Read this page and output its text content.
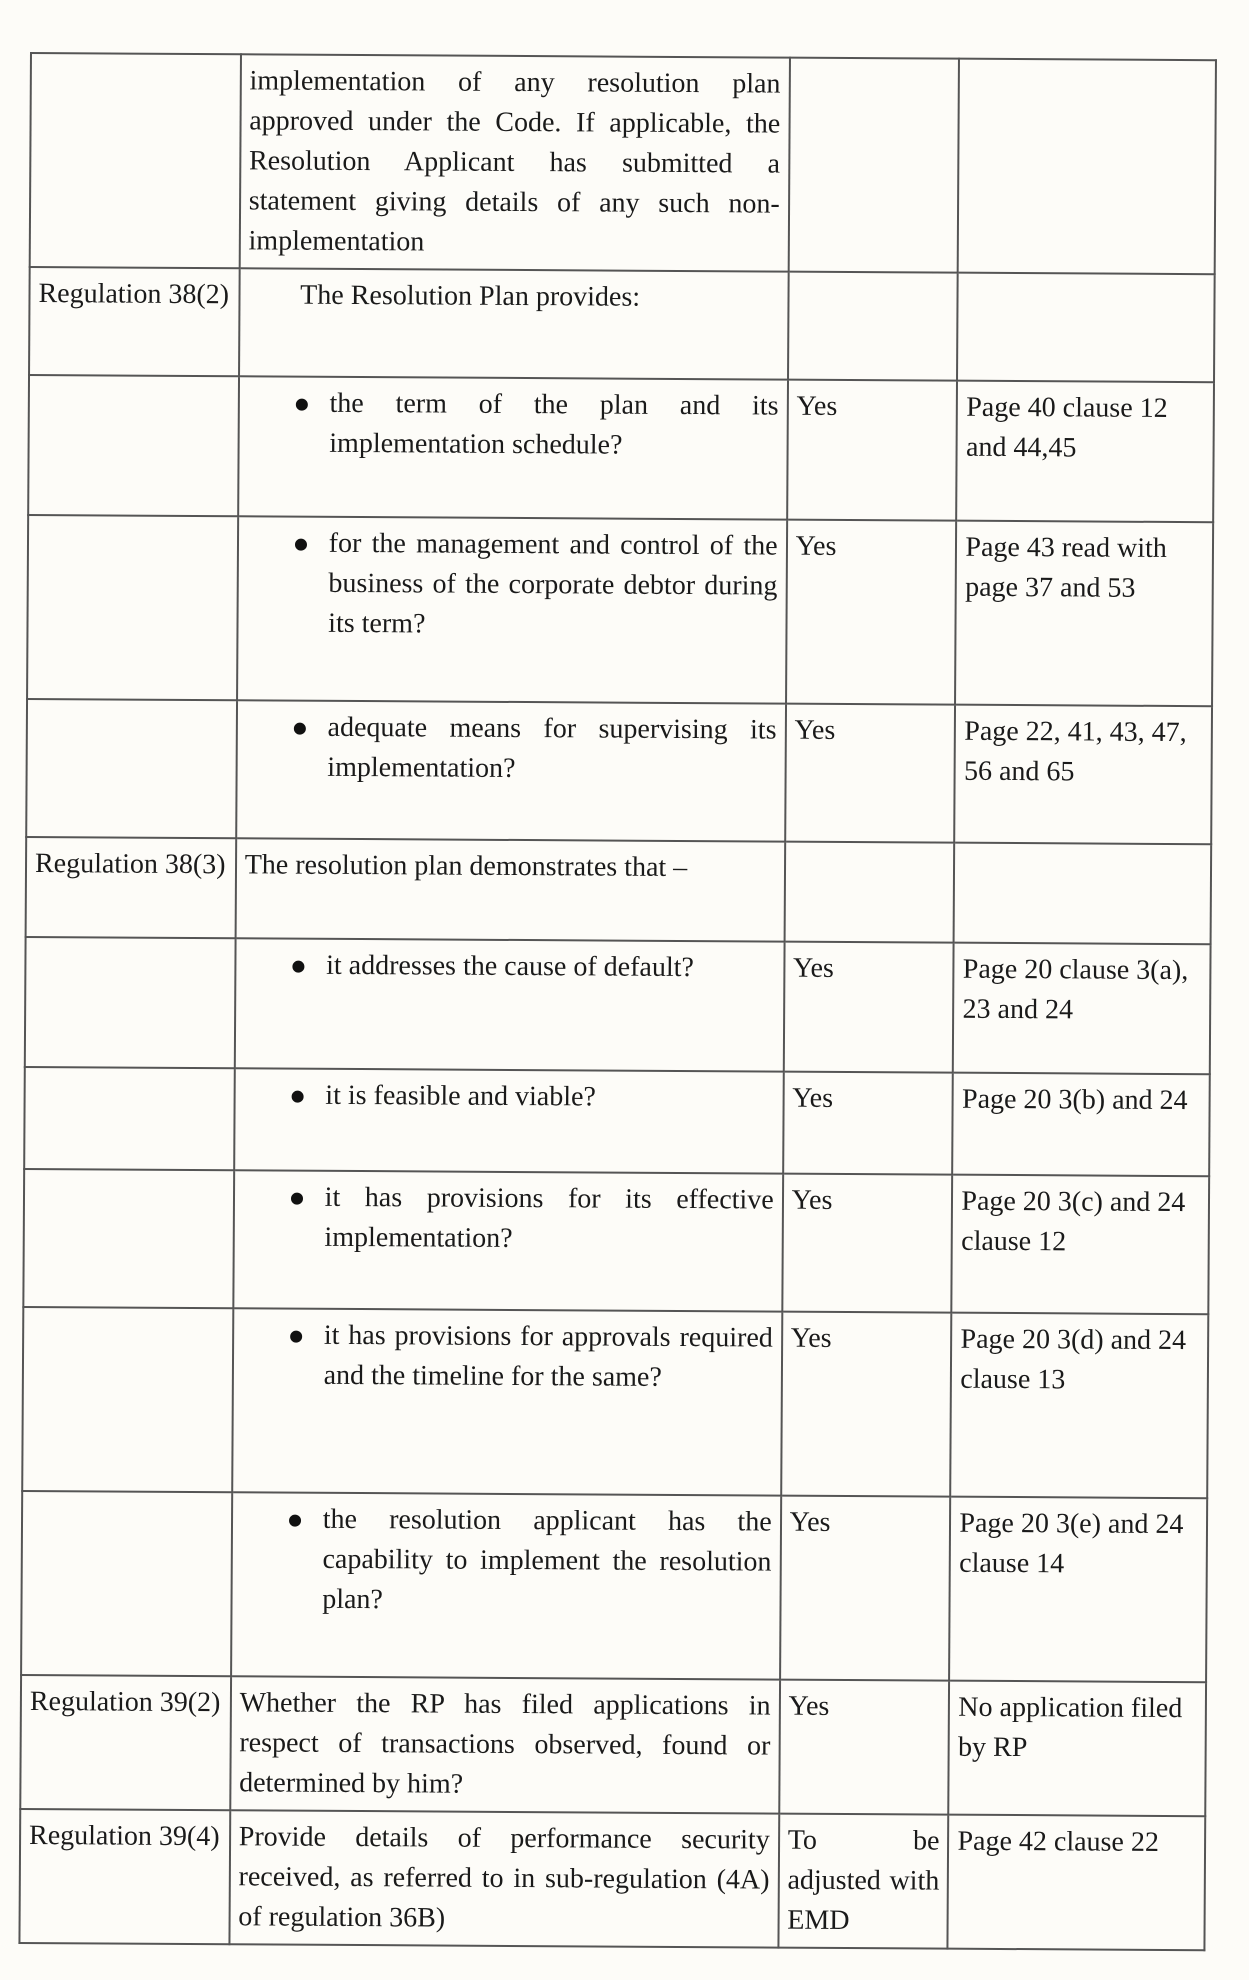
	implementation of any resolution plan approved under the Code. If applicable, the Resolution Applicant has submitted a statement giving details of any such non-implementation		
Regulation 38(2)	The Resolution Plan provides:		

	the term of the plan and its implementation schedule?	Yes	Page 40 clause 12 and 44,45

	for the management and control of the business of the corporate debtor during its term?	Yes	Page 43 read with page 37 and 53

	adequate means for supervising its implementation?	Yes	Page 22, 41, 43, 47, 56 and 65
Regulation 38(3)	The resolution plan demonstrates that –		

	it addresses the cause of default?	Yes	Page 20 clause 3(a), 23 and 24

	it is feasible and viable?	Yes	Page 20 3(b) and 24

	it has provisions for its effective implementation?	Yes	Page 20 3(c) and 24 clause 12

	it has provisions for approvals required and the timeline for the same?	Yes	Page 20 3(d) and 24 clause 13

	the resolution applicant has the capability to implement the resolution plan?	Yes	Page 20 3(e) and 24 clause 14
Regulation 39(2)	Whether the RP has filed applications in respect of transactions observed, found or determined by him?	Yes	No application filed by RP
Regulation 39(4)	Provide details of performance security received, as referred to in sub-regulation (4A) of regulation 36B)	To be adjusted with EMD	Page 42 clause 22
